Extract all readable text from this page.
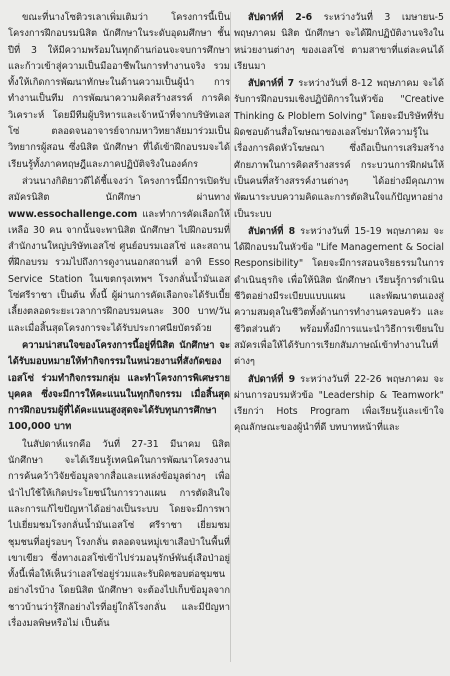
ขณะที่นางโซติวรเลาเพิ่มเติมว่า โครงการนี้เป็นโครงการฝึกอบรมนิสิต นักศึกษาในระดับอุดมศึกษา ชั้นปีที่ 3 ให้มีความพร้อมในทุกด้านก่อนจะจบการศึกษา และก้าวเข้าสู่ความเป็นมืออาชีพในการทำงานจริง รวมทั้งให้เกิดการพัฒนาทักษะในด้านความเป็นผู้นำ การทำงานเป็นทีม การพัฒนาความคิดสร้างสรรค์ การคิดวิเคราะห์ โดยมีทีมผู้บริหารและเจ้าหน้าที่จากบริษัทเอสโซ่ ตลอดจนอาจารย์จากมหาวิทยาลัยมาร่วมเป็นวิทยากรผู้สอน ซึ่งนิสิต นักศึกษา ที่ได้เข้าฝึกอบรมจะได้เรียนรู้ทั้งภาคทฤษฎีและภาคปฏิบัติจริงในองค์กร

ส่วนนางกิติยาวดีได้ชี้แจงว่า โครงการนี้มีการเปิดรับสมัครนิสิต นักศึกษา ผ่านทาง www.essochallenge.com และทำการคัดเลือกให้เหลือ 30 คน จากนั้นจะพานิสิต นักศึกษา ไปฝึกอบรมที่สำนักงานใหญ่บริษัทเอสโซ่ ศูนย์อบรมเอสโซ่ และสถานที่ฝึกอบรม รวมไปถึงการดูงานนอกสถานที่ อาทิ Esso Service Station ในเขตกรุงเทพฯ โรงกลั่นน้ำมันเอสโซ่ศรีราชา เป็นต้น ทั้งนี้ ผู้ผ่านการคัดเลือกจะได้รับเบี้ยเลี้ยงตลอดระยะเวลาการฝึกอบรมคนละ 300 บาท/วัน และเมื่อสิ้นสุดโครงการจะได้รับประกาศนียบัตรด้วย

ความน่าสนใจของโครงการนี้อยู่ที่นิสิต นักศึกษา จะได้รับมอบหมายให้ทำกิจกรรมในหน่วยงานที่สังกัดของเอสโซ่ ร่วมทำกิจกรรมกลุ่ม และทำโครงการพิเศษรายบุคคล ซึ่งจะมีการให้คะแนนในทุกกิจกรรม เมื่อสิ้นสุดการฝึกอบรมผู้ที่ได้คะแนนสูงสุดจะได้รับทุนการศึกษา 100,000 บาท

ในสัปดาห์แรกคือ วันที่ 27-31 มีนาคม นิสิต นักศึกษา จะได้เรียนรู้เทคนิคในการพัฒนาโครงงาน การค้นคว้าวิจัยข้อมูลจากสื่อและแหล่งข้อมูลต่างๆ เพื่อนำไปใช้ให้เกิดประโยชน์ในการวางแผน การตัดสินใจ และการแก้ไขปัญหาได้อย่างเป็นระบบ โดยจะมีการพาไปเยี่ยมชมโรงกลั่นน้ำมันเอสโซ่ ศรีราชา เยี่ยมชมชุมชนที่อยู่รอบๆ โรงกลั่น ตลอดจนหมู่เขาเสือป่าในพื้นที่เขาเขียว ซึ่งทางเอสโซ่เข้าไปร่วมอนุรักษ์พันธุ์เสือป่าอยู่ ทั้งนี้เพื่อให้เห็นว่าเอสโซ่อยู่ร่วมและรับผิดชอบต่อชุมชนอย่างไรบ้าง โดยนิสิต นักศึกษา จะต้องไปเก็บข้อมูลจากชาวบ้านว่ารู้สึกอย่างไรที่อยู่ใกล้โรงกลั่น และมีปัญหาเรื่องมลพิษหรือไม่ เป็นต้น

สัปดาห์ที่ 2-6 ระหว่างวันที่ 3 เมษายน-5 พฤษภาคม นิสิต นักศึกษา จะได้ฝึกปฏิบัติงานจริงในหน่วยงานต่างๆ ของเอสโซ่ ตามสาขาที่แต่ละคนได้เรียนมา

สัปดาห์ที่ 7 ระหว่างวันที่ 8-12 พฤษภาคม จะได้รับการฝึกอบรมเชิงปฏิบัติการในหัวข้อ "Creative Thinking & Ploblem Solving" โดยจะมีบริษัทที่รับผิดชอบด้านสื่อโฆษณาของเอสโซ่มาให้ความรู้ในเรื่องการคิดหัวโฆษณา ซึ่งถือเป็นการเสริมสร้างศักยภาพในการคิดสร้างสรรค์ กระบวนการฝึกฝนให้เป็นคนที่สร้างสรรค์งานต่างๆ ได้อย่างมีคุณภาพ พัฒนาระบบความคิดและการตัดสินใจแก้ปัญหาอย่างเป็นระบบ

สัปดาห์ที่ 8 ระหว่างวันที่ 15-19 พฤษภาคม จะได้ฝึกอบรมในหัวข้อ "Life Management & Social Responsibility" โดยจะมีการสอนจริยธรรมในการดำเนินธุรกิจ เพื่อให้นิสิต นักศึกษา เรียนรู้การดำเนินชีวิตอย่างมีระเบียบแบบแผน และพัฒนาตนเองสู่ความสมดุลในชีวิตทั้งด้านการทำงานครอบครัว และชีวิตส่วนตัว พร้อมทั้งมีการแนะนำวิธีการเขียนใบสมัครเพื่อให้ได้รับการเรียกสัมภาษณ์เข้าทำงานในที่ต่างๆ

สัปดาห์ที่ 9 ระหว่างวันที่ 22-26 พฤษภาคม จะผ่านการอบรมหัวข้อ "Leadership & Teamwork" เรียกว่า Hots Program เพื่อเรียนรู้และเข้าใจคุณลักษณะของผู้นำที่ดี บทบาทหน้าที่และ
